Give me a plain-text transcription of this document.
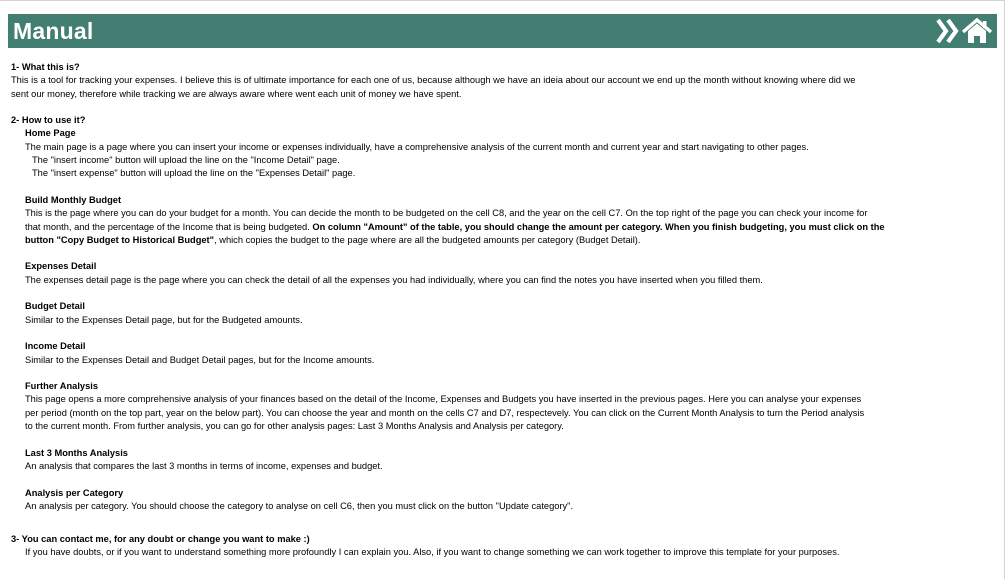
Manual

1- What this is?

This is a tool for tracking your expenses. I believe this is of ultimate importance for each one of us, because although we have an ideia about our account we end up the month without knowing where did we

sent our money, therefore while tracking we are always aware where went each unit of money we have spent.

2- How to use it?

Home Page

The main page is a page where you can insert your income or expenses individually, have a comprehensive analysis of the current month and current year and start navigating to other pages.

The "insert income" button will upload the line on the "Income Detail" page.

The "insert expense" button will upload the line on the "Expenses Detail" page.

Build Monthly Budget

This is the page where you can do your budget for a month. You can decide the month to be budgeted on the cell C8, and the year on the cell C7. On the top right of the page you can check your income for

that month, and the percentage of the Income that is being budgeted. On column "Amount" of the table, you should change the amount per category. When you finish budgeting, you must click on the

button "Copy Budget to Historical Budget", which copies the budget to the page where are all the budgeted amounts per category (Budget Detail).

Expenses Detail

The expenses detail page is the page where you can check the detail of all the expenses you had individually, where you can find the notes you have inserted when you filled them.

Budget Detail

Similar to the Expenses Detail page, but for the Budgeted amounts.

Income Detail

Similar to the Expenses Detail and Budget Detail pages, but for the Income amounts.

Further Analysis

This page opens a more comprehensive analysis of your finances based on the detail of the Income, Expenses and Budgets you have inserted in the previous pages. Here you can analyse your expenses

per period (month on the top part, year on the below part). You can choose the year and month on the cells C7 and D7, respectevely. You can click on the Current Month Analysis to turn the Period analysis

to the current month. From further analysis, you can go for other analysis pages: Last 3 Months Analysis and Analysis per category.

Last 3 Months Analysis

An analysis that compares the last 3 months in terms of income, expenses and budget.

Analysis per Category

An analysis per category. You should choose the category to analyse on cell C6, then you must click on the button "Update category".

3- You can contact me, for any doubt or change you want to make :)

If you have doubts, or if you want to understand something more profoundly I can explain you. Also, if you want to change something we can work together to improve this template for your purposes.
